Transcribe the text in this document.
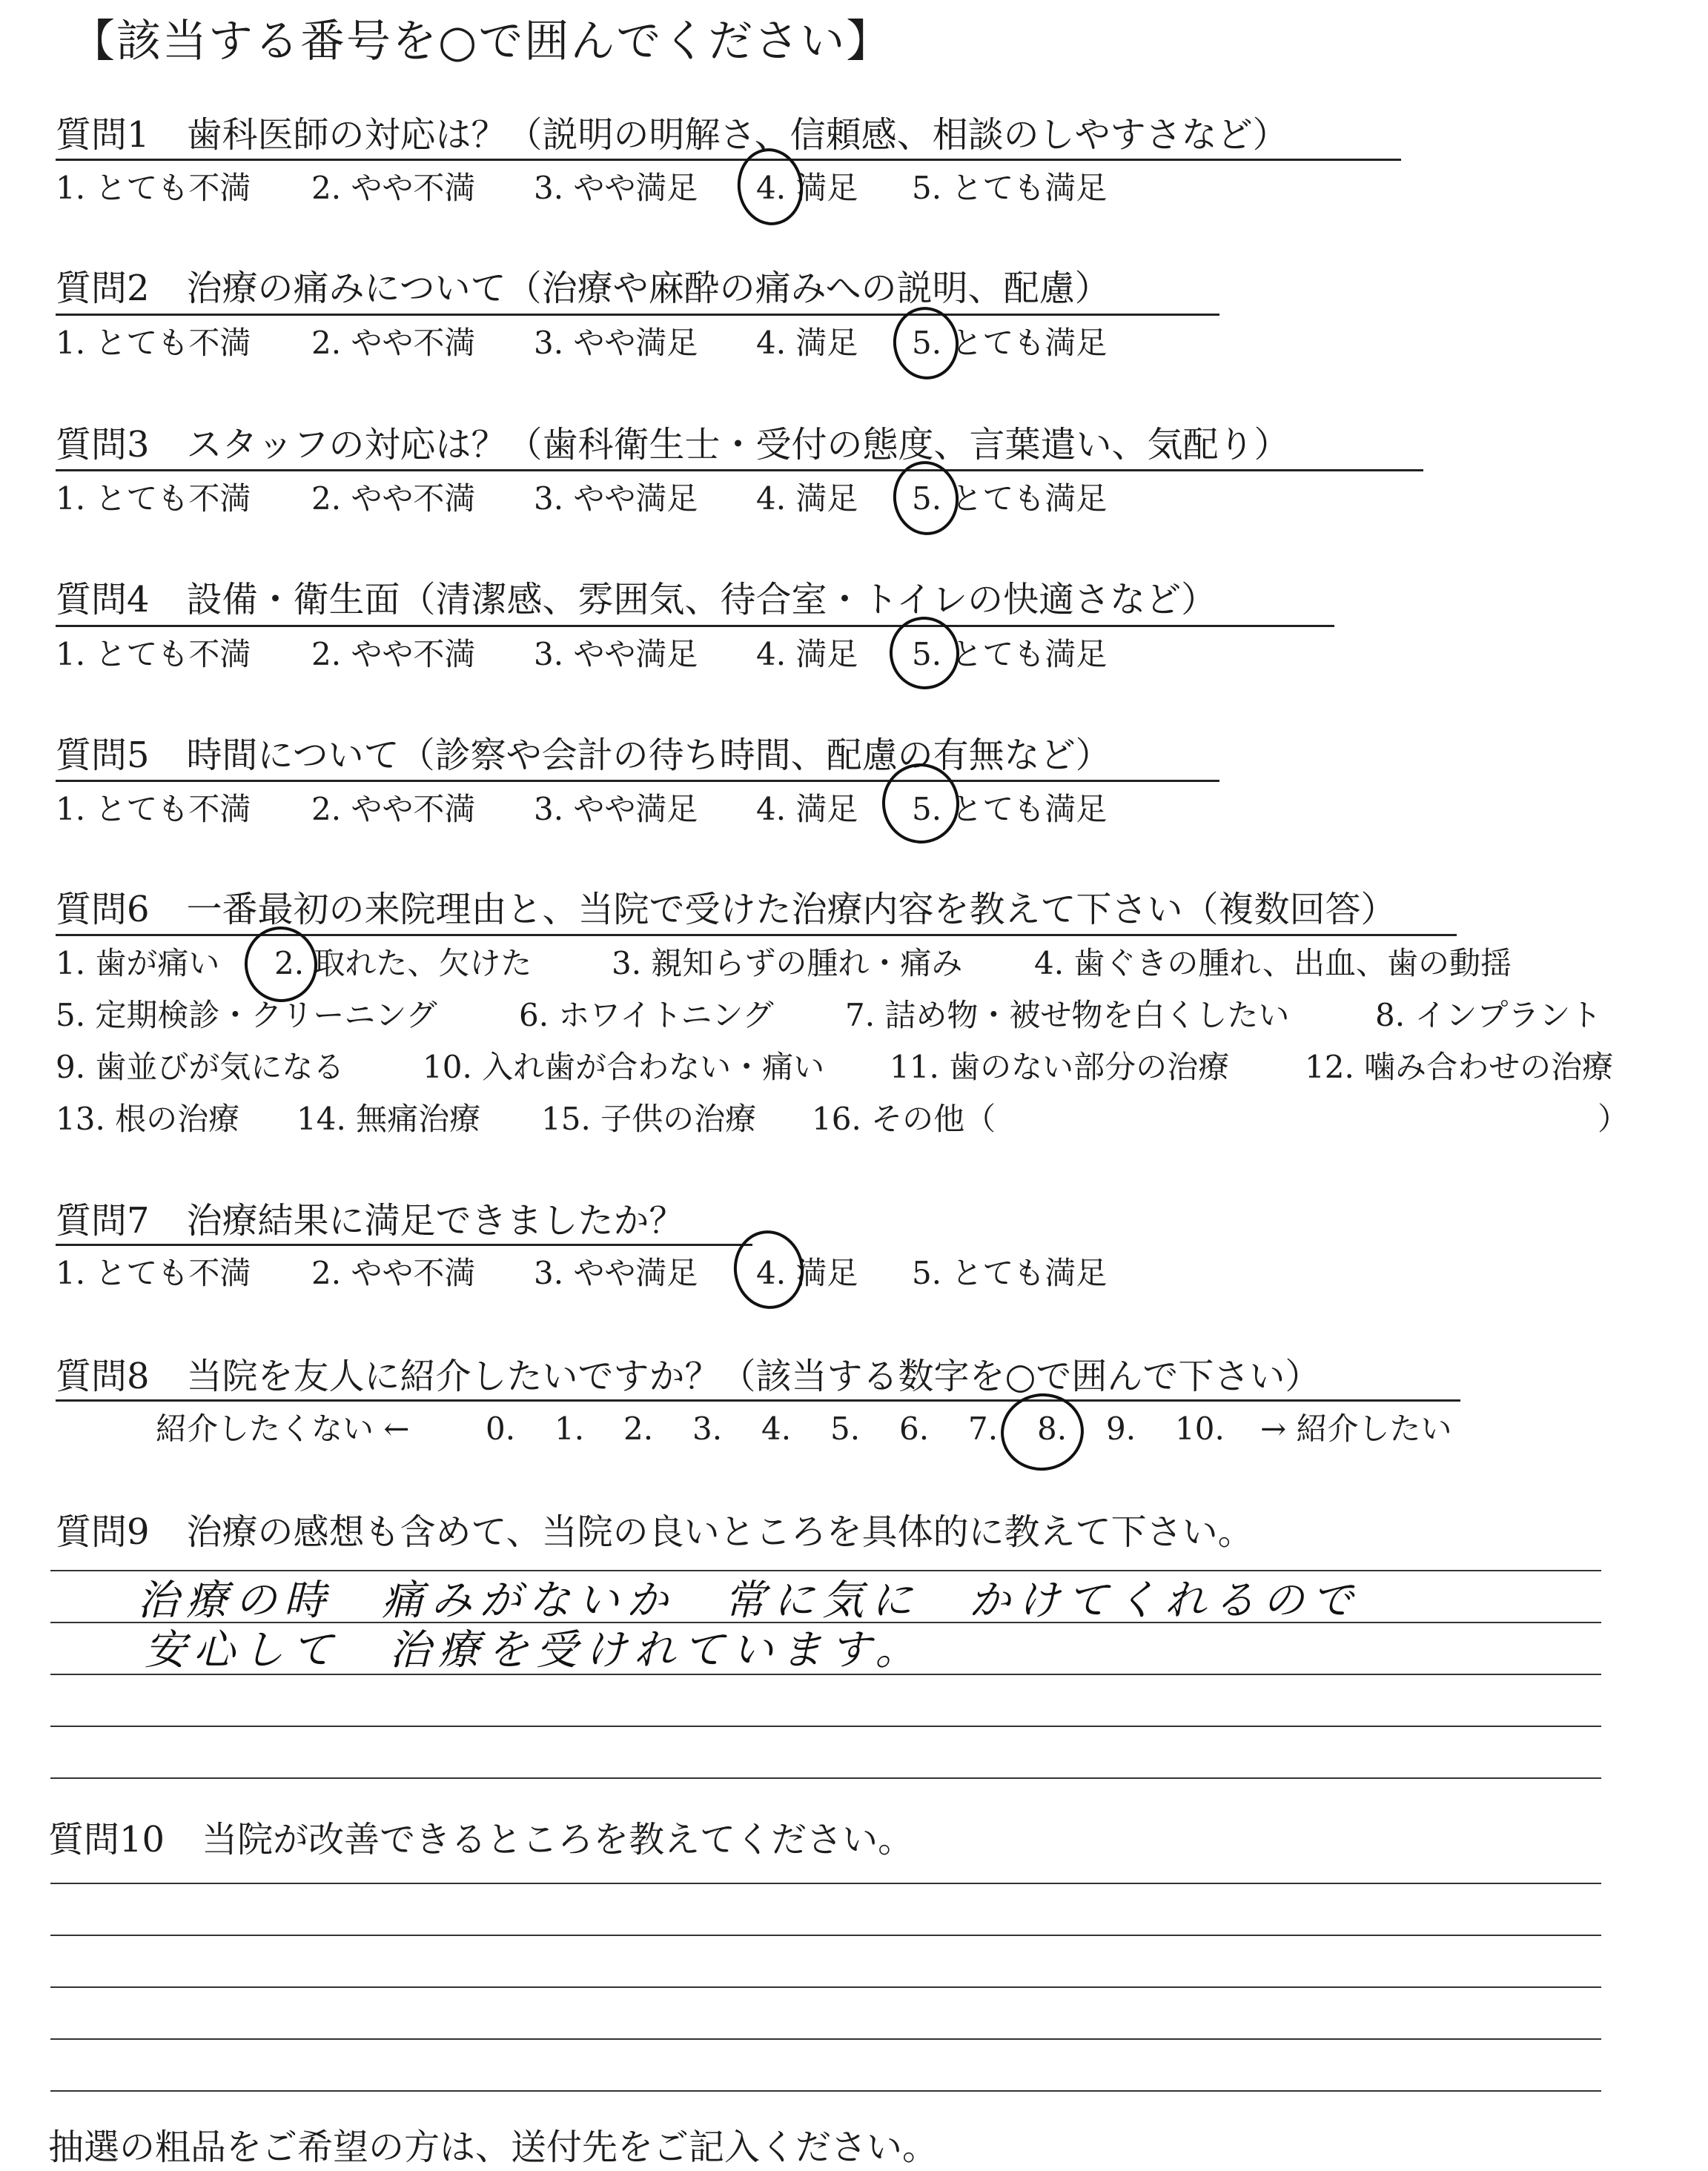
【該当する番号を○で囲んでください】
質問1 歯科医師の対応は？（説明の明解さ、信頼感、相談のしやすさなど）
1. とても不満 2. やや不満 3. やや満足 4. 満足 5. とても満足
質問2 治療の痛みについて（治療や麻酔の痛みへの説明、配慮）
1. とても不満 2. やや不満 3. やや満足 4. 満足 5. とても満足
質問3 スタッフの対応は？（歯科衛生士・受付の態度、言葉遣い、気配り）
1. とても不満 2. やや不満 3. やや満足 4. 満足 5. とても満足
質問4 設備・衛生面（清潔感、雰囲気、待合室・トイレの快適さなど）
1. とても不満 2. やや不満 3. やや満足 4. 満足 5. とても満足
質問5 時間について（診察や会計の待ち時間、配慮の有無など）
1. とても不満 2. やや不満 3. やや満足 4. 満足 5. とても満足
質問6 一番最初の来院理由と、当院で受けた治療内容を教えて下さい（複数回答）
1. 歯が痛い 2. 取れた、欠けた	3. 親知らずの腫れ・痛み 4. 歯ぐきの腫れ、出血、歯の動揺
5. 定期検診・クリーニング	6. ホワイトニング 7. 詰め物・被せ物を白くしたい	8. インプラント
9. 歯並びが気になる	10. 入れ歯が合わない・痛い 11. 歯のない部分の治療 12. 噛み合わせの治療
13. 根の治療 14. 無痛治療 15. 子供の治療 16. その他（	）
質問7 治療結果に満足できましたか？
1. とても不満 2. やや不満 3. やや満足 4. 満足 5. とても満足
質問8 当院を友人に紹介したいですか？（該当する数字を○で囲んで下さい）
紹介したくない ← 0. 1. 2. 3. 4. 5. 6. 7. 8. 9. 10. → 紹介したい
質問9 治療の感想も含めて、当院の良いところを具体的に教えて下さい。
治療の時　痛みがないか　常に気に　かけてくれるので
安心して　治療を受けれています。
質問10 当院が改善できるところを教えてください。
抽選の粗品をご希望の方は、送付先をご記入ください。
